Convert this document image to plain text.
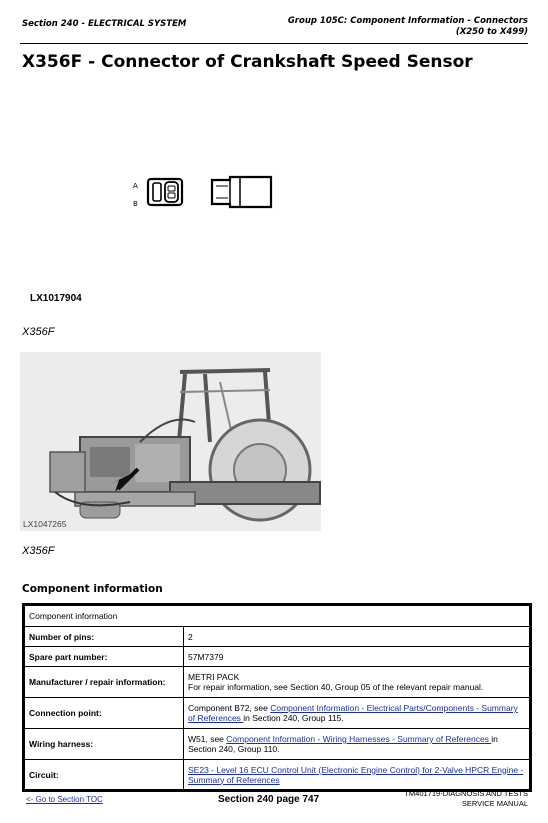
Section 240 - ELECTRICAL SYSTEM	Group 105C: Component Information - Connectors
(X250 to X499)
X356F - Connector of Crankshaft Speed Sensor
A
B
LX1017904
X356F
LX1047265
X356F
Component information
Component information	
Number of pins:	2
Spare part number:	57M7379
Manufacturer / repair information:	METRI PACK
For repair information, see Section 40, Group 05 of the relevant repair manual.

Connection point:	Component B72, see Component Information - Electrical Parts/Components - Summary of References in Section 240, Group 115.
Wiring harness:	W51, see Component Information - Wiring Harnesses - Summary of References in Section 240, Group 110.
Circuit:	SE23 - Level 16 ECU Control Unit (Electronic Engine Control) for 2-Valve HPCR Engine - Summary of References
<- Go to Section TOC	Section 240 page 747
TM401719-DIAGNOSIS AND TESTS
SERVICE MANUAL
